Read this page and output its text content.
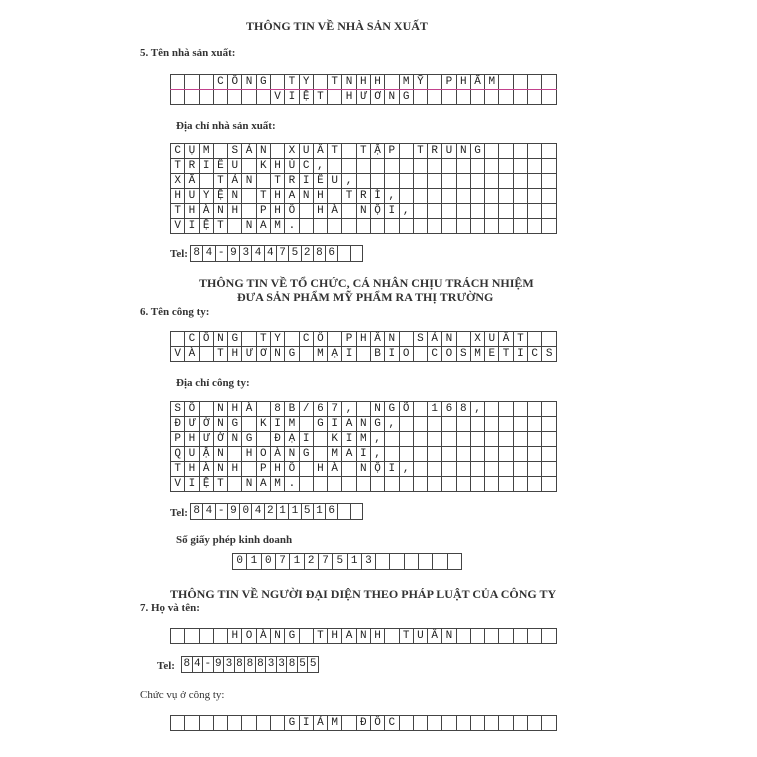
THÔNG TIN VỀ NHÀ SẢN XUẤT
5. Tên nhà sản xuất:
			C	Ô	N	G		T	Y		T	N	H	H		M	Ỹ		P	H	Ẩ	M				
							V	I	Ệ	T		H	Ư	Ơ	N	G										
Địa chỉ nhà sản xuất:
C	Ụ	M		S	Ả	N		X	U	Ấ	T		T	Ậ	P		T	R	U	N	G					
T	R	I	Ề	U		K	H	Ú	C	,																
X	Ã		T	Ả	N		T	R	I	Ề	U	,														
H	U	Y	Ệ	N		T	H	A	N	H		T	R	Ì	,											
T	H	À	N	H		P	H	Ố		H	À		N	Ộ	I	,										
V	I	Ệ	T		N	A	M	.																		
Tel: 8	4	-	9	3	4	4	7	5	2	8	6		
THÔNG TIN VỀ TỔ CHỨC, CÁ NHÂN CHỊU TRÁCH NHIỆM
ĐƯA SẢN PHẨM MỸ PHẨM RA THỊ TRƯỜNG
6. Tên công ty:
	C	Ô	N	G		T	Y		C	Ổ		P	H	Ầ	N		S	Ả	N		X	U	Ấ	T		
V	À		T	H	Ư	Ơ	N	G		M	Ạ	I		B	I	O		C	O	S	M	E	T	I	C	S
Địa chỉ công ty:
S	Ố		N	H	À		8	B	/	6	7	,		N	G	Õ		1	6	8	,					
Đ	Ư	Ờ	N	G		K	I	M		G	I	A	N	G	,											
P	H	Ư	Ờ	N	G		Đ	Ạ	I		K	I	M	,												
Q	U	Ậ	N		H	O	À	N	G		M	A	I	,												
T	H	À	N	H		P	H	Ố		H	À		N	Ộ	I	,										
V	I	Ệ	T		N	A	M	.																		
Tel: 8	4	-	9	0	4	2	1	1	5	1	6		
Số giấy phép kinh doanh
0	1	0	7	1	2	7	5	1	3						
THÔNG TIN VỀ NGƯỜI ĐẠI DIỆN THEO PHÁP LUẬT CỦA CÔNG TY
7. Họ và tên:
				H	O	À	N	G		T	H	A	N	H		T	U	Ấ	N							
Tel: 8	4	-	9	3	8	8	8	3	3	8	5	5
Chức vụ ở công ty:
								G	I	Á	M		Đ	Ố	C											
